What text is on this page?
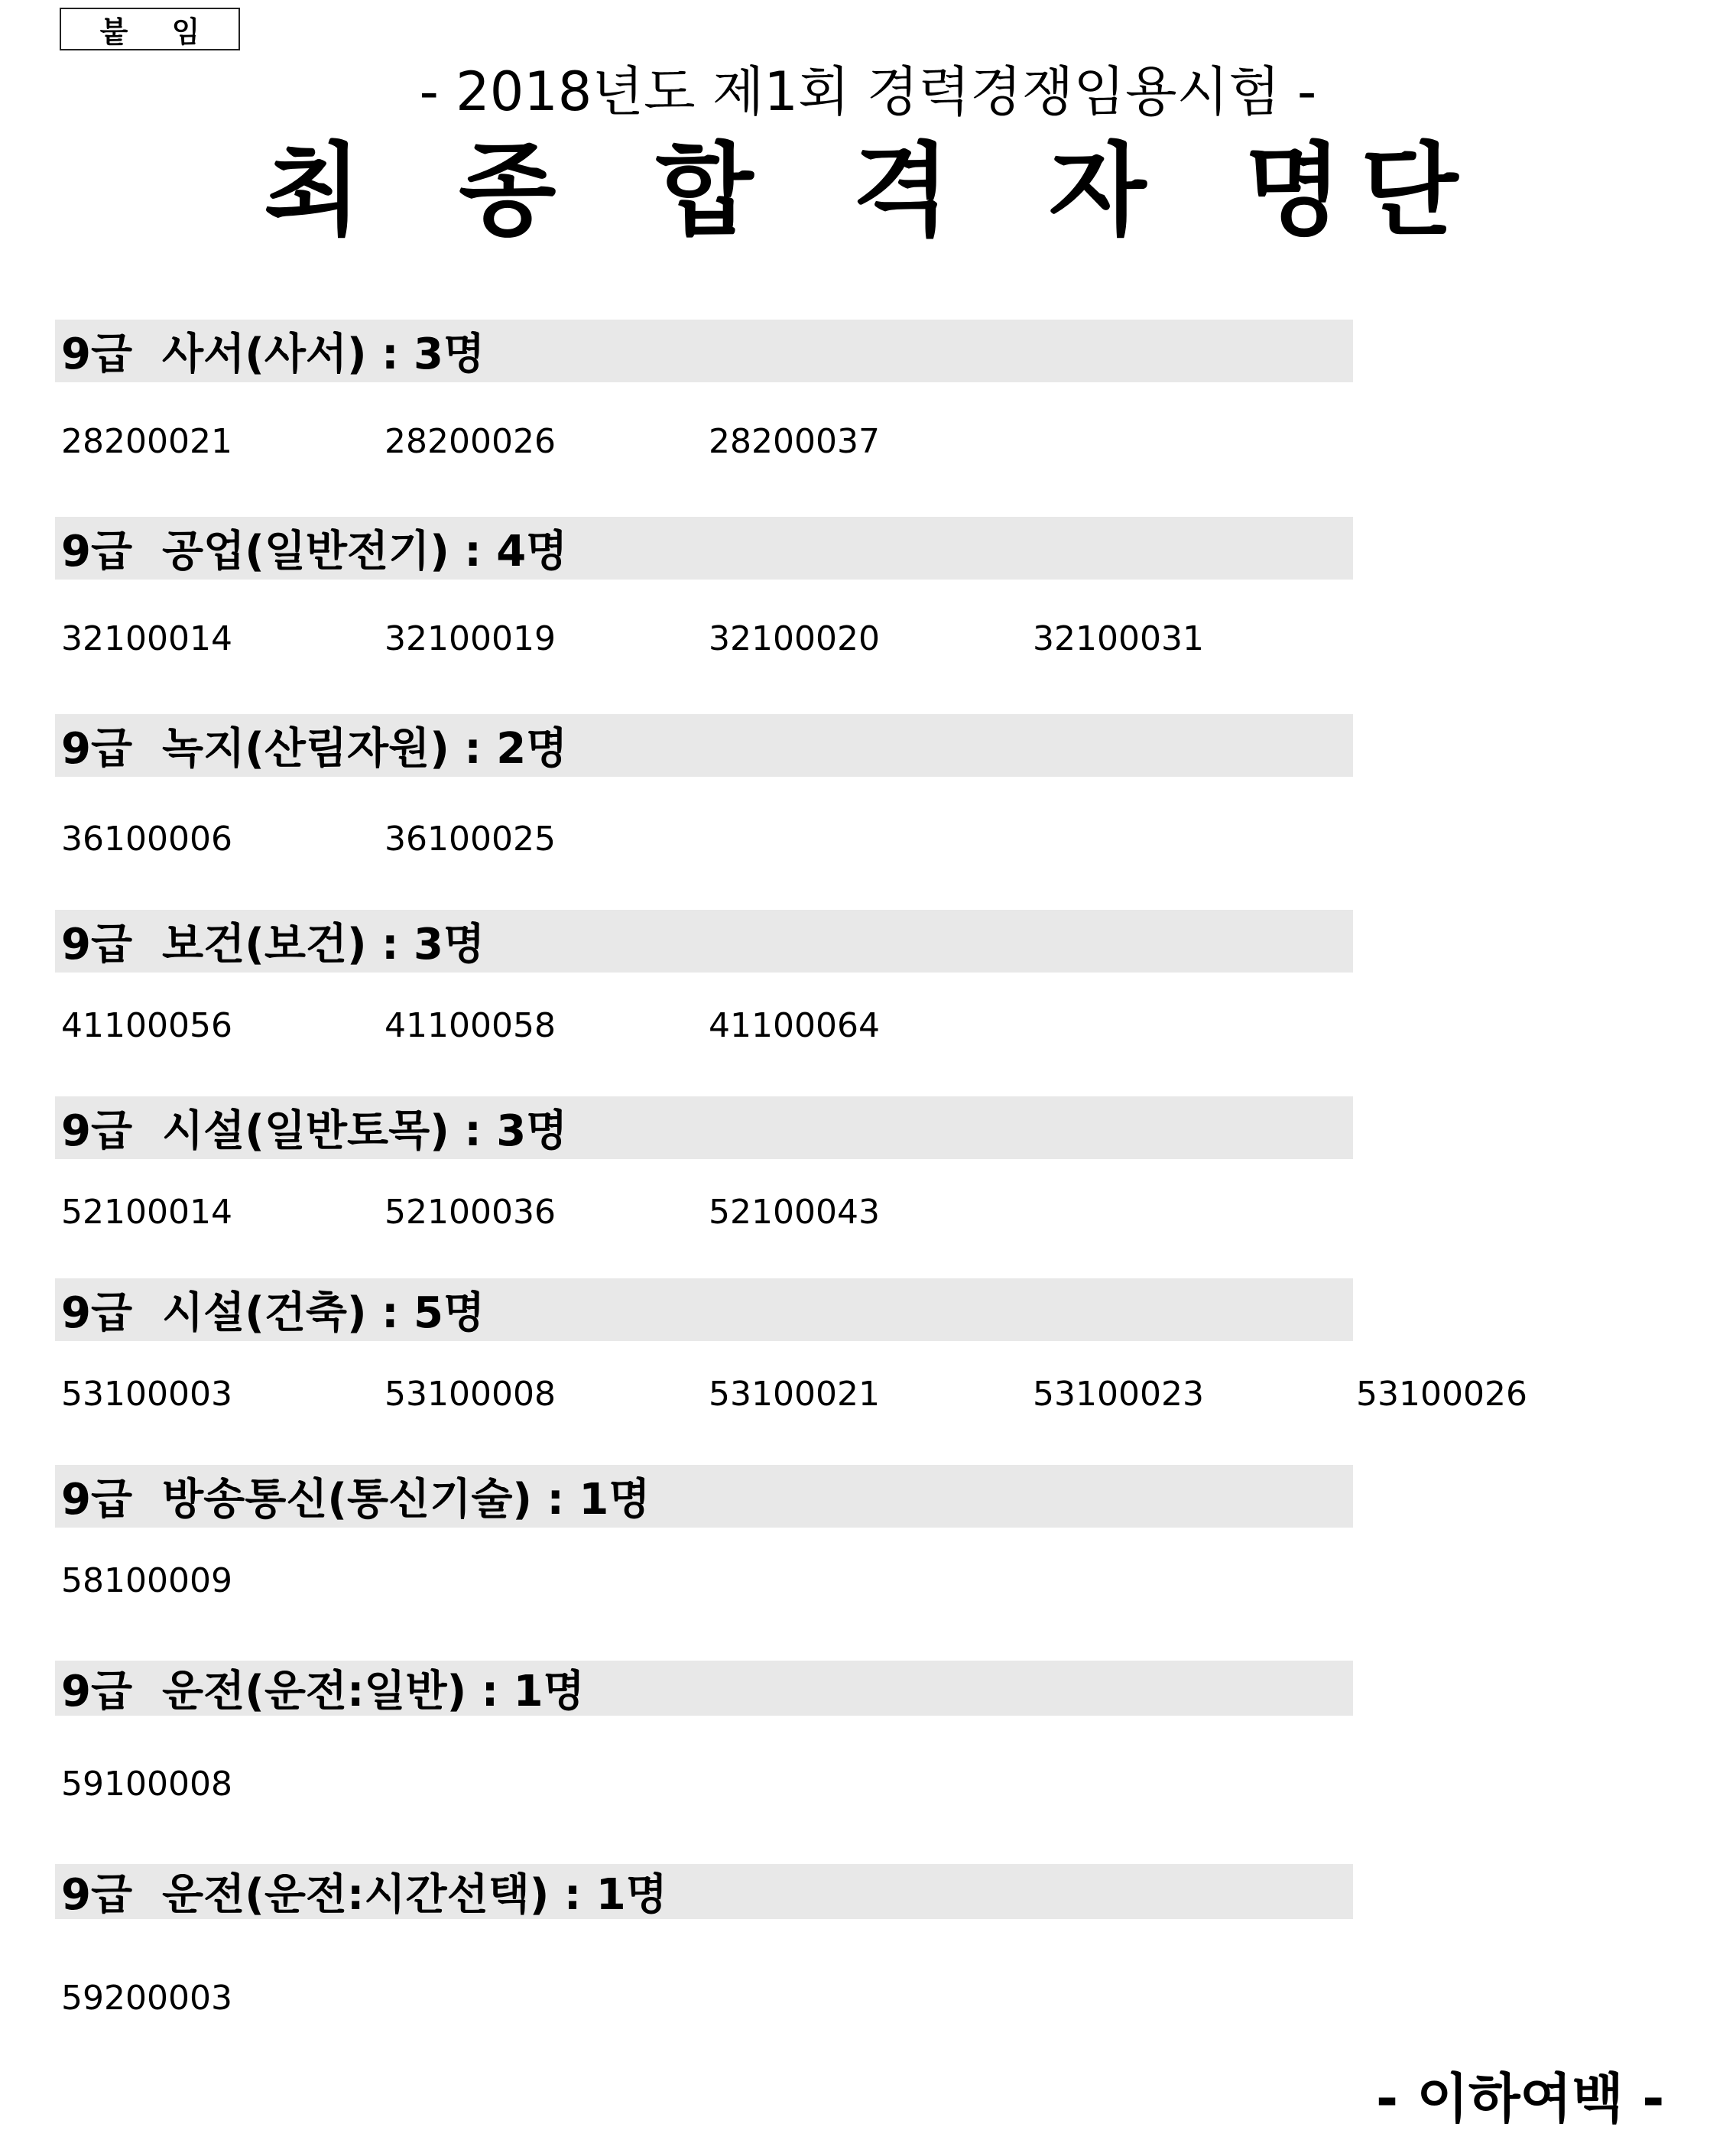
붙 임
- 2018년도 제1회 경력경쟁임용시험 -
최 종 합 격 자 명 단
9급  사서(사서) : 3명
28200021	28200026	28200037
9급  공업(일반전기) : 4명
32100014	32100019	32100020	32100031
9급  녹지(산림자원) : 2명
36100006	36100025
9급  보건(보건) : 3명
41100056	41100058	41100064
9급  시설(일반토목) : 3명
52100014	52100036	52100043
9급  시설(건축) : 5명
53100003	53100008	53100021	53100023	53100026
9급  방송통신(통신기술) : 1명
58100009
9급  운전(운전:일반) : 1명
59100008
9급  운전(운전:시간선택) : 1명
59200003
- 이하여백 -
